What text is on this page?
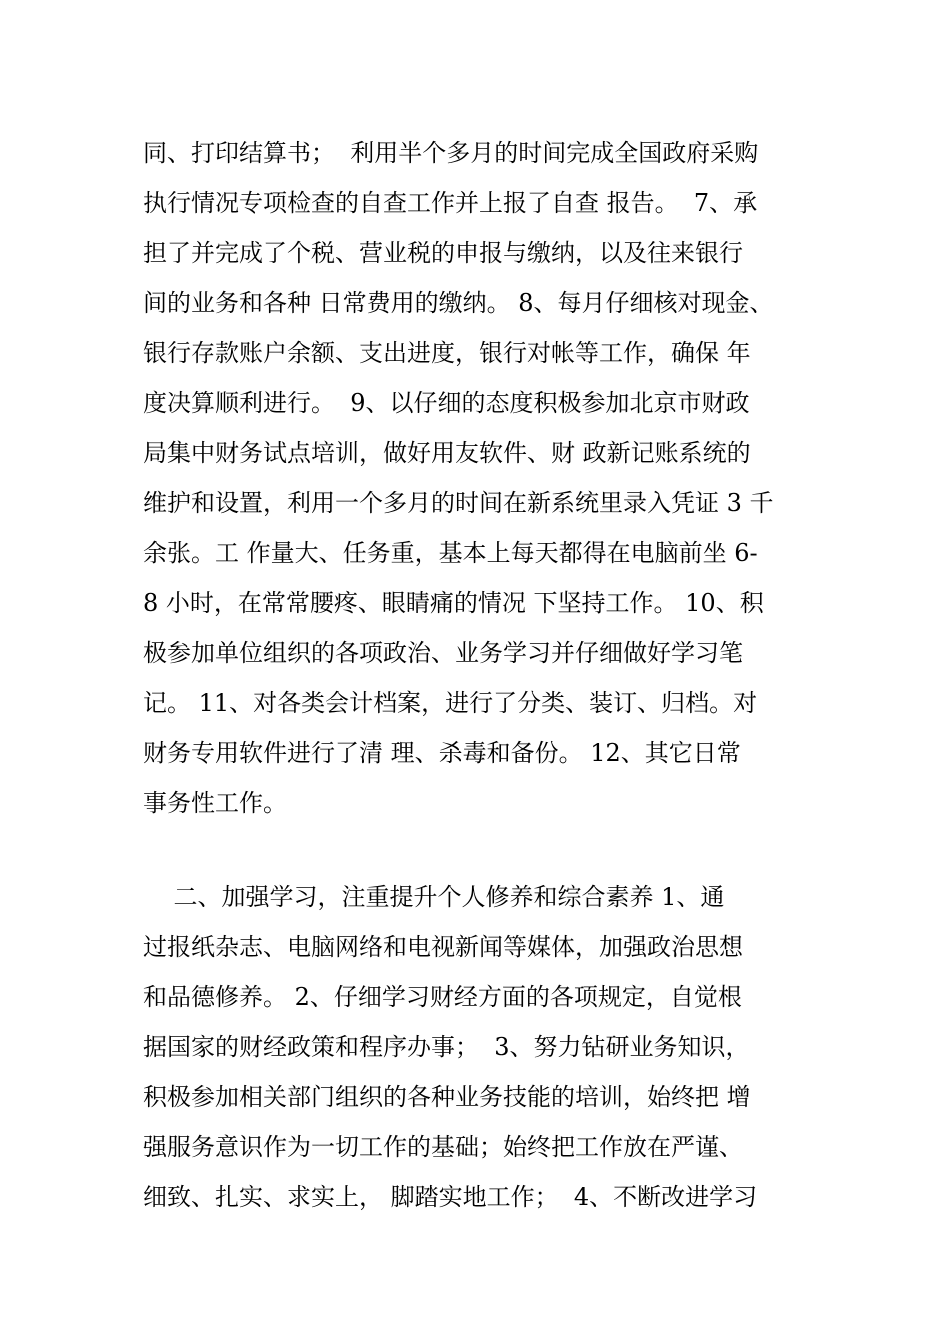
同、打印结算书；  利用半个多月的时间完成全国政府采购
执行情况专项检查的自查工作并上报了自查 报告。  7、承
担了并完成了个税、营业税的申报与缴纳，以及往来银行
间的业务和各种 日常费用的缴纳。 8、每月仔细核对现金、
银行存款账户余额、支出进度，银行对帐等工作，确保 年
度决算顺利进行。  9、以仔细的态度积极参加北京市财政
局集中财务试点培训，做好用友软件、财 政新记账系统的
维护和设置，利用一个多月的时间在新系统里录入凭证 3 千
余张。工 作量大、任务重，基本上每天都得在电脑前坐 6-
8 小时，在常常腰疼、眼睛痛的情况 下坚持工作。 10、积
极参加单位组织的各项政治、业务学习并仔细做好学习笔
记。 11、对各类会计档案，进行了分类、装订、归档。对
财务专用软件进行了清 理、杀毒和备份。 12、其它日常
事务性工作。
二、加强学习，注重提升个人修养和综合素养 1、通
过报纸杂志、电脑网络和电视新闻等媒体，加强政治思想
和品德修养。 2、仔细学习财经方面的各项规定，自觉根
据国家的财经政策和程序办事；  3、努力钻研业务知识，
积极参加相关部门组织的各种业务技能的培训，始终把 增
强服务意识作为一切工作的基础；始终把工作放在严谨、
细致、扎实、求实上， 脚踏实地工作；  4、不断改进学习
